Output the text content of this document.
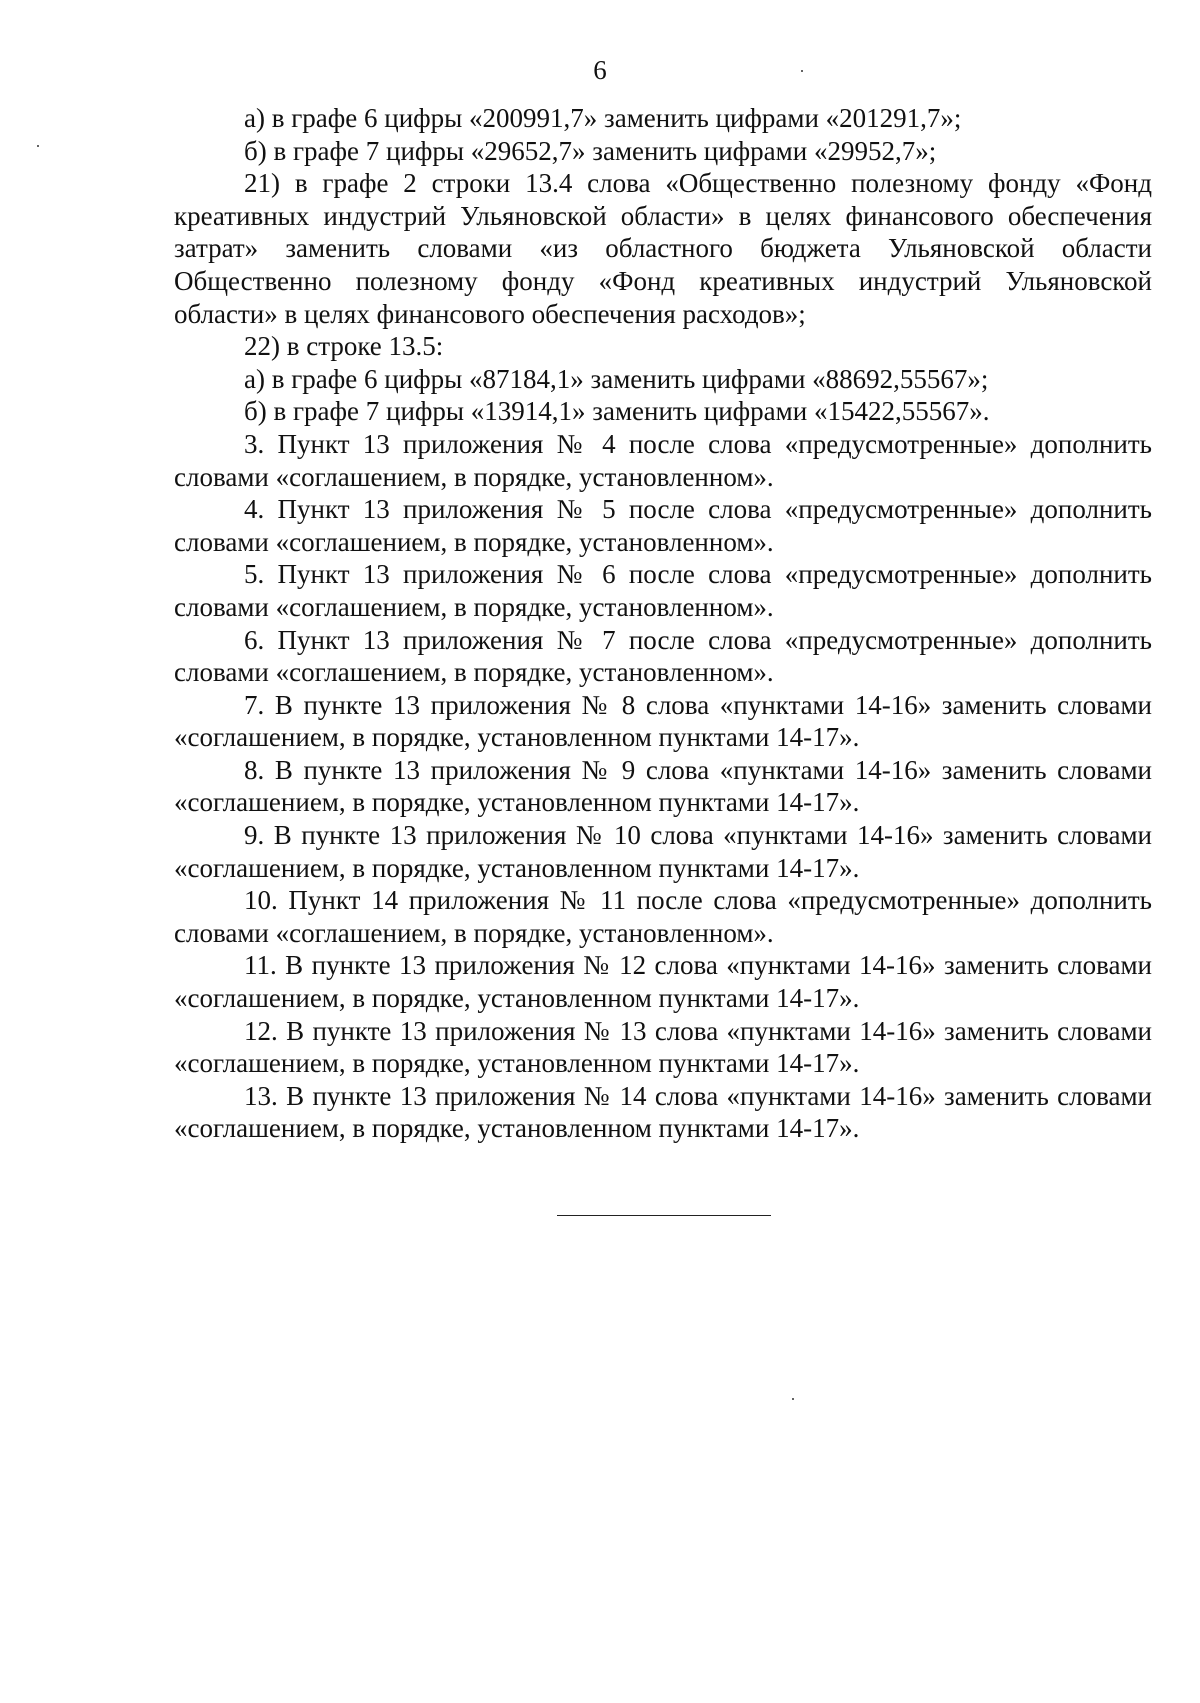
6

а) в графе 6 цифры «200991,7» заменить цифрами «201291,7»;

б) в графе 7 цифры «29652,7» заменить цифрами «29952,7»;

21) в графе 2 строки 13.4 слова «Общественно полезному фонду «Фонд креативных индустрий Ульяновской области» в целях финансового обеспечения затрат» заменить словами «из областного бюджета Ульяновской области Общественно полезному фонду «Фонд креативных индустрий Ульяновской области» в целях финансового обеспечения расходов»;

22) в строке 13.5:

а) в графе 6 цифры «87184,1» заменить цифрами «88692,55567»;

б) в графе 7 цифры «13914,1» заменить цифрами «15422,55567».

3. Пункт 13 приложения № 4 после слова «предусмотренные» дополнить словами «соглашением, в порядке, установленном».

4. Пункт 13 приложения № 5 после слова «предусмотренные» дополнить словами «соглашением, в порядке, установленном».

5. Пункт 13 приложения № 6 после слова «предусмотренные» дополнить словами «соглашением, в порядке, установленном».

6. Пункт 13 приложения № 7 после слова «предусмотренные» дополнить словами «соглашением, в порядке, установленном».

7. В пункте 13 приложения № 8 слова «пунктами 14-16» заменить словами «соглашением, в порядке, установленном пунктами 14-17».

8. В пункте 13 приложения № 9 слова «пунктами 14-16» заменить словами «соглашением, в порядке, установленном пунктами 14-17».

9. В пункте 13 приложения № 10 слова «пунктами 14-16» заменить словами «соглашением, в порядке, установленном пунктами 14-17».

10. Пункт 14 приложения № 11 после слова «предусмотренные» дополнить словами «соглашением, в порядке, установленном».

11. В пункте 13 приложения № 12 слова «пунктами 14-16» заменить словами «соглашением, в порядке, установленном пунктами 14-17».

12. В пункте 13 приложения № 13 слова «пунктами 14-16» заменить словами «соглашением, в порядке, установленном пунктами 14-17».

13. В пункте 13 приложения № 14 слова «пунктами 14-16» заменить словами «соглашением, в порядке, установленном пунктами 14-17».
